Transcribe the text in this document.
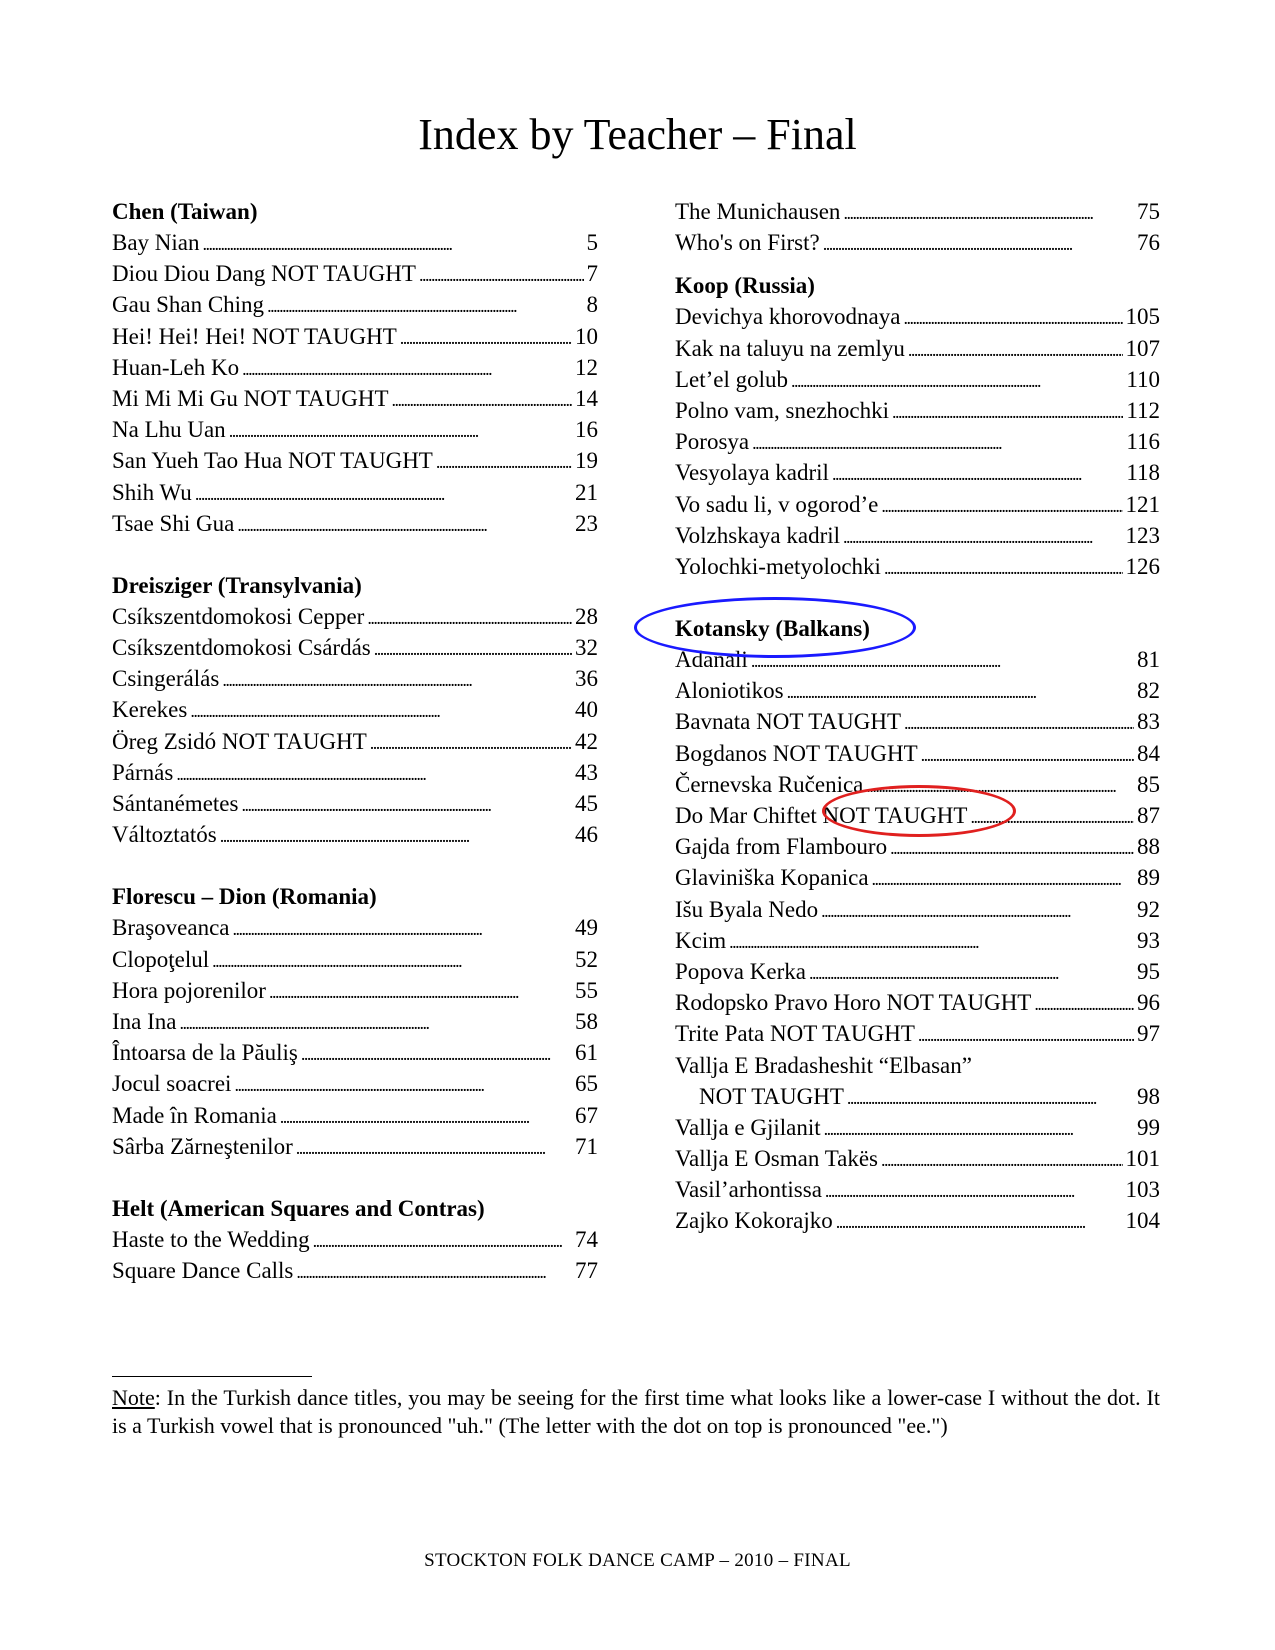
Index by Teacher – Final
Chen (Taiwan)
Bay Nian . . .	5
Diou Diou Dang NOT TAUGHT . . .	7
Gau Shan Ching . . .	8
Hei! Hei! Hei! NOT TAUGHT . . .	10
Huan-Leh Ko . . .	12
Mi Mi Mi Gu NOT TAUGHT . . .	14
Na Lhu Uan . . .	16
San Yueh Tao Hua NOT TAUGHT . . .	19
Shih Wu . . .	21
Tsae Shi Gua . . .	23
Dreisziger (Transylvania)
Csíkszentdomokosi Cepper . . .	28
Csíkszentdomokosi Csárdás . . .	32
Csingerálás . . .	36
Kerekes . . .	40
Öreg Zsidó NOT TAUGHT . . .	42
Párnás . . .	43
Sántanémetes . . .	45
Változtatós . . .	46
Florescu – Dion (Romania)
Braşoveanca . . .	49
Clopoţelul . . .	52
Hora pojorenilor . . .	55
Ina Ina . . .	58
Întoarsa de la Păuliş . . .	61
Jocul soacrei . . .	65
Made în Romania . . .	67
Sârba Zărneştenilor . . .	71
Helt (American Squares and Contras)
Haste to the Wedding . . .	74
Square Dance Calls . . .	77
The Munichausen . . .	75
Who's on First? . . .	76
Koop (Russia)
Devichya khorovodnaya . . .	105
Kak na taluyu na zemlyu . . .	107
Let’el golub . . .	110
Polno vam, snezhochki . . .	112
Porosya . . .	116
Vesyolaya kadril . . .	118
Vo sadu li, v ogorod’e . . .	121
Volzhskaya kadril . . .	123
Yolochki-metyolochki . . .	126
Kotansky (Balkans)
Adanali . . .	81
Aloniotikos . . .	82
Bavnata NOT TAUGHT . . .	83
Bogdanos NOT TAUGHT . . .	84
Černevska Ručenica . . .	85
Do Mar Chiftet NOT TAUGHT . . .	87
Gajda from Flambouro . . .	88
Glaviniška Kopanica . . .	89
Išu Byala Nedo . . .	92
Kcim . . .	93
Popova Kerka . . .	95
Rodopsko Pravo Horo NOT TAUGHT . . .	96
Trite Pata NOT TAUGHT . . .	97
Vallja E Bradasheshit “Elbasan”
NOT TAUGHT . . .	98
Vallja e Gjilanit . . .	99
Vallja E Osman Takës . . .	101
Vasil’arhontissa . . .	103
Zajko Kokorajko . . .	104
Note: In the Turkish dance titles, you may be seeing for the first time what looks like a lower-case I without the dot. It is a Turkish vowel that is pronounced "uh." (The letter with the dot on top is pronounced "ee.")
STOCKTON FOLK DANCE CAMP – 2010 – FINAL
